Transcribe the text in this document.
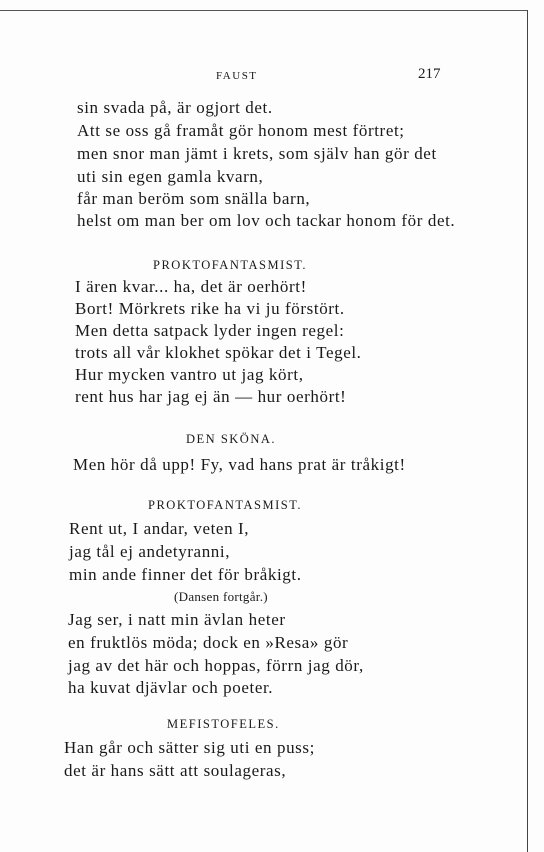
FAUST	217
sin svada på, är ogjort det.
Att se oss gå framåt gör honom mest förtret;
men snor man jämt i krets, som själv han gör det
uti sin egen gamla kvarn,
får man beröm som snälla barn,
helst om man ber om lov och tackar honom för det.
PROKTOFANTASMIST.
I ären kvar... ha, det är oerhört!
Bort! Mörkrets rike ha vi ju förstört.
Men detta satpack lyder ingen regel:
trots all vår klokhet spökar det i Tegel.
Hur mycken vantro ut jag kört,
rent hus har jag ej än — hur oerhört!
DEN SKÖNA.
Men hör då upp! Fy, vad hans prat är tråkigt!
PROKTOFANTASMIST.
Rent ut, I andar, veten I,
jag tål ej andetyranni,
min ande finner det för bråkigt.
(Dansen fortgår.)
Jag ser, i natt min ävlan heter
en fruktlös möda; dock en »Resa» gör
jag av det här och hoppas, förrn jag dör,
ha kuvat djävlar och poeter.
MEFISTOFELES.
Han går och sätter sig uti en puss;
det är hans sätt att soulageras,
